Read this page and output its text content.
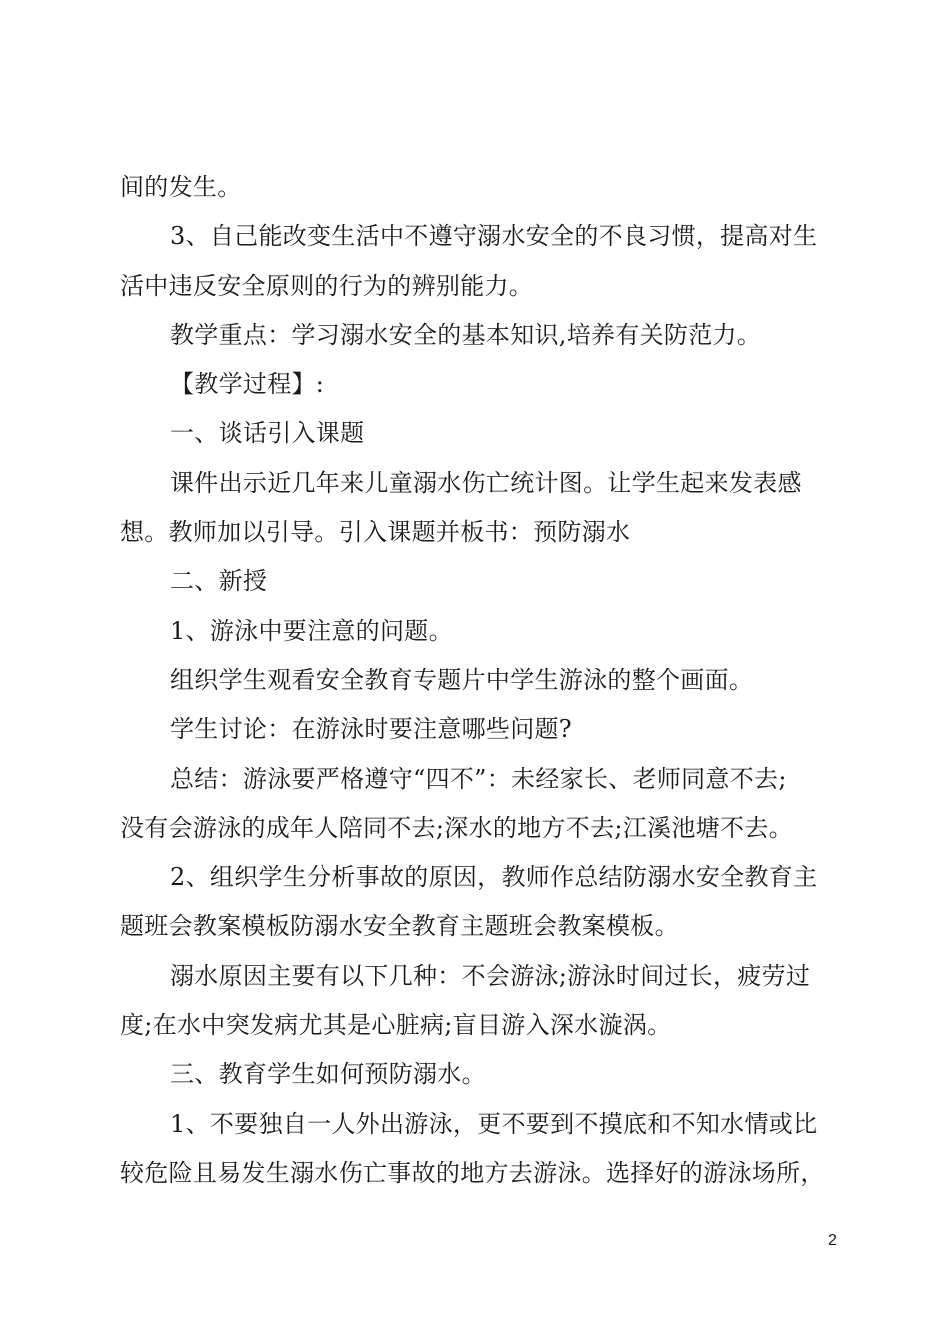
间的发生。
3、自己能改变生活中不遵守溺水安全的不良习惯，提高对生
活中违反安全原则的行为的辨别能力。
教学重点：学习溺水安全的基本知识,培养有关防范力。
【教学过程】:
一、谈话引入课题
课件出示近几年来儿童溺水伤亡统计图。让学生起来发表感
想。教师加以引导。引入课题并板书：预防溺水
二、新授
1、游泳中要注意的问题。
组织学生观看安全教育专题片中学生游泳的整个画面。
学生讨论：在游泳时要注意哪些问题?
总结：游泳要严格遵守“四不”：未经家长、老师同意不去;
没有会游泳的成年人陪同不去;深水的地方不去;江溪池塘不去。
2、组织学生分析事故的原因，教师作总结防溺水安全教育主
题班会教案模板防溺水安全教育主题班会教案模板。
溺水原因主要有以下几种：不会游泳;游泳时间过长，疲劳过
度;在水中突发病尤其是心脏病;盲目游入深水漩涡。
三、教育学生如何预防溺水。
1、不要独自一人外出游泳，更不要到不摸底和不知水情或比
较危险且易发生溺水伤亡事故的地方去游泳。选择好的游泳场所，
2
